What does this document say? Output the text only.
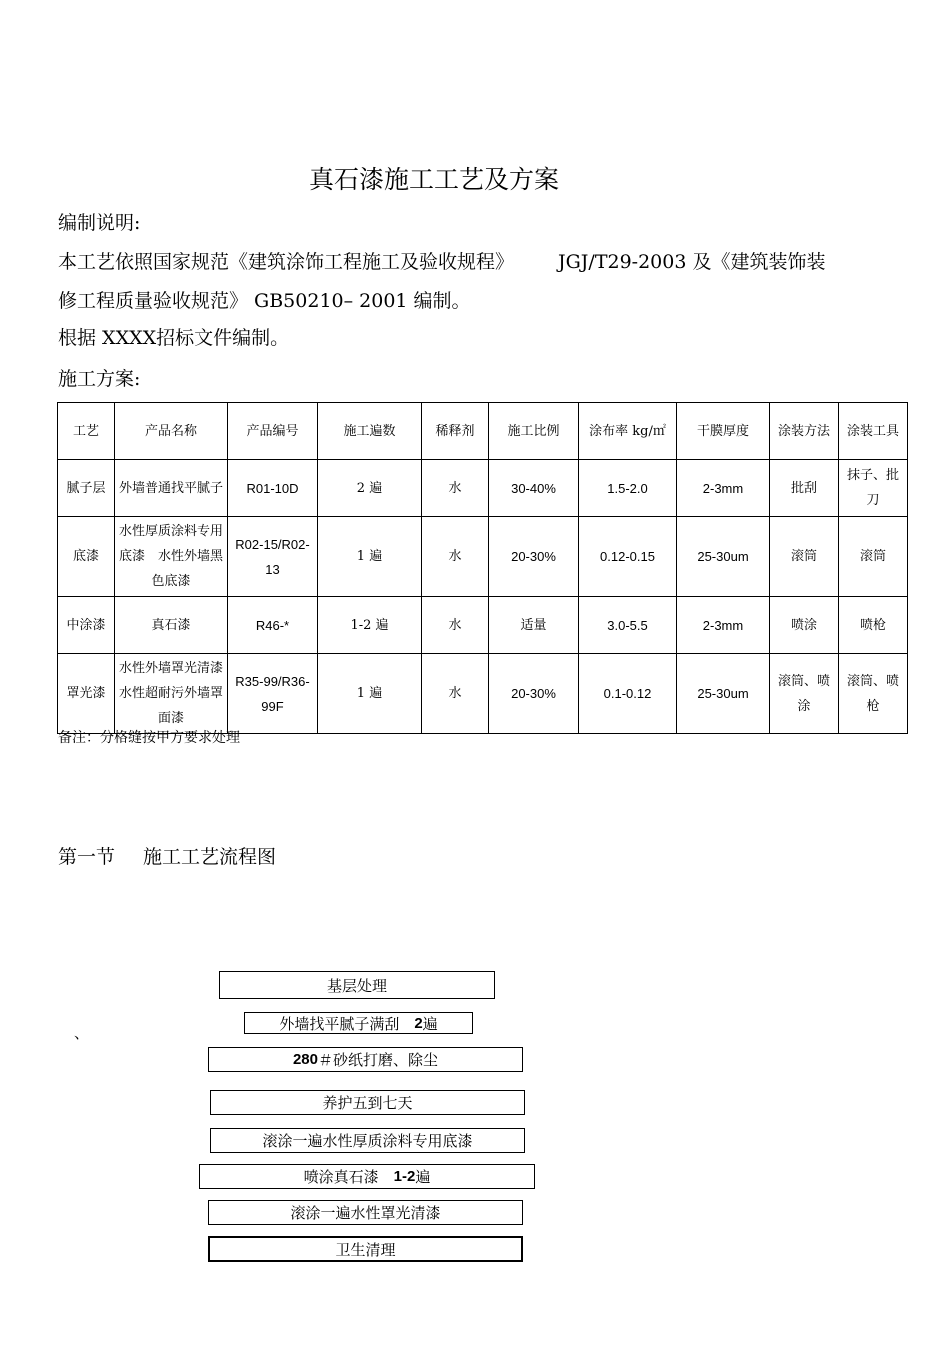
真石漆施工工艺及方案
编制说明:
本工艺依照国家规范《建筑涂饰工程施工及验收规程》 JGJ/T29-2003 及《建筑装饰装
修工程质量验收规范》 GB50210– 2001 编制。
根据 XXXX招标文件编制。
施工方案:
工艺	产品名称	产品编号	施工遍数	稀释剂	施工比例	涂布率 kg/㎡	干膜厚度	涂装方法	涂装工具
腻子层	外墙普通找平腻子	R01-10D	2 遍	水	30-40%	1.5-2.0	2-3mm	批刮	抹子、批刀
底漆	水性厚质涂料专用底漆　水性外墙黑色底漆	R02-15/R02-13	1 遍	水	20-30%	0.12-0.15	25-30um	滚筒	滚筒
中涂漆	真石漆	R46-*	1-2 遍	水	适量	3.0-5.5	2-3mm	喷涂	喷枪
罩光漆	水性外墙罩光清漆　水性超耐污外墙罩面漆	R35-99/R36-99F	1 遍	水	20-30%	0.1-0.12	25-30um	滚筒、喷涂	滚筒、喷枪
备注：分格缝按甲方要求处理
第一节 施工工艺流程图
、
基层处理
外墙找平腻子满刮　 2 遍
280 ＃砂纸打磨、除尘
养护五到七天
滚涂一遍水性厚质涂料专用底漆
喷涂真石漆　 1-2 遍
滚涂一遍水性罩光清漆
卫生清理
